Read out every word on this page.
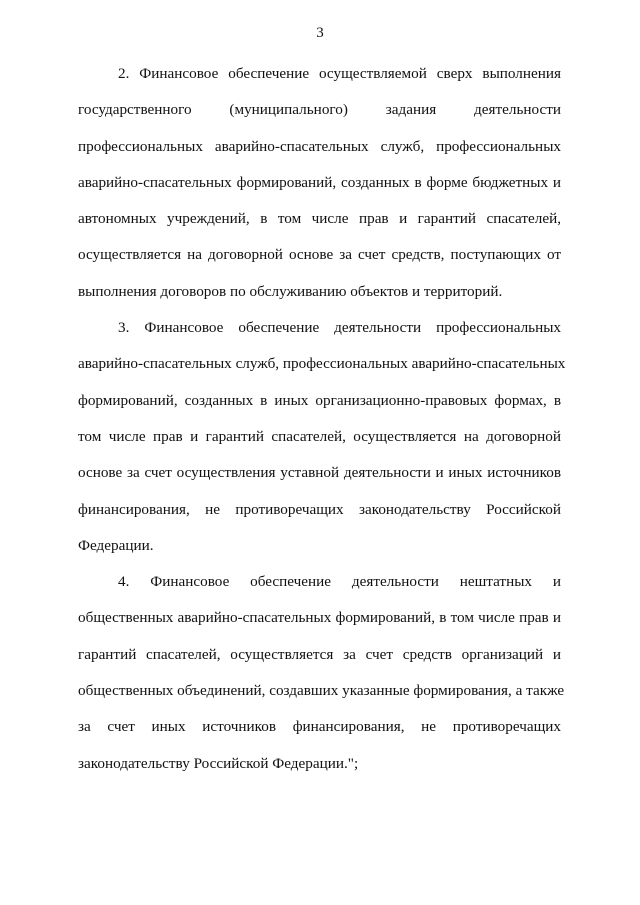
3

2. Финансовое обеспечение осуществляемой сверх выполнения
государственного (муниципального) задания деятельности
профессиональных аварийно-спасательных служб, профессиональных
аварийно-спасательных формирований, созданных в форме бюджетных и
автономных учреждений, в том числе прав и гарантий спасателей,
осуществляется на договорной основе за счет средств, поступающих от
выполнения договоров по обслуживанию объектов и территорий.

3. Финансовое обеспечение деятельности профессиональных
аварийно-спасательных служб, профессиональных аварийно-спасательных
формирований, созданных в иных организационно-правовых формах, в
том числе прав и гарантий спасателей, осуществляется на договорной
основе за счет осуществления уставной деятельности и иных источников
финансирования, не противоречащих законодательству Российской
Федерации.

4. Финансовое обеспечение деятельности нештатных и
общественных аварийно-спасательных формирований, в том числе прав и
гарантий спасателей, осуществляется за счет средств организаций и
общественных объединений, создавших указанные формирования, а также
за счет иных источников финансирования, не противоречащих
законодательству Российской Федерации.";
